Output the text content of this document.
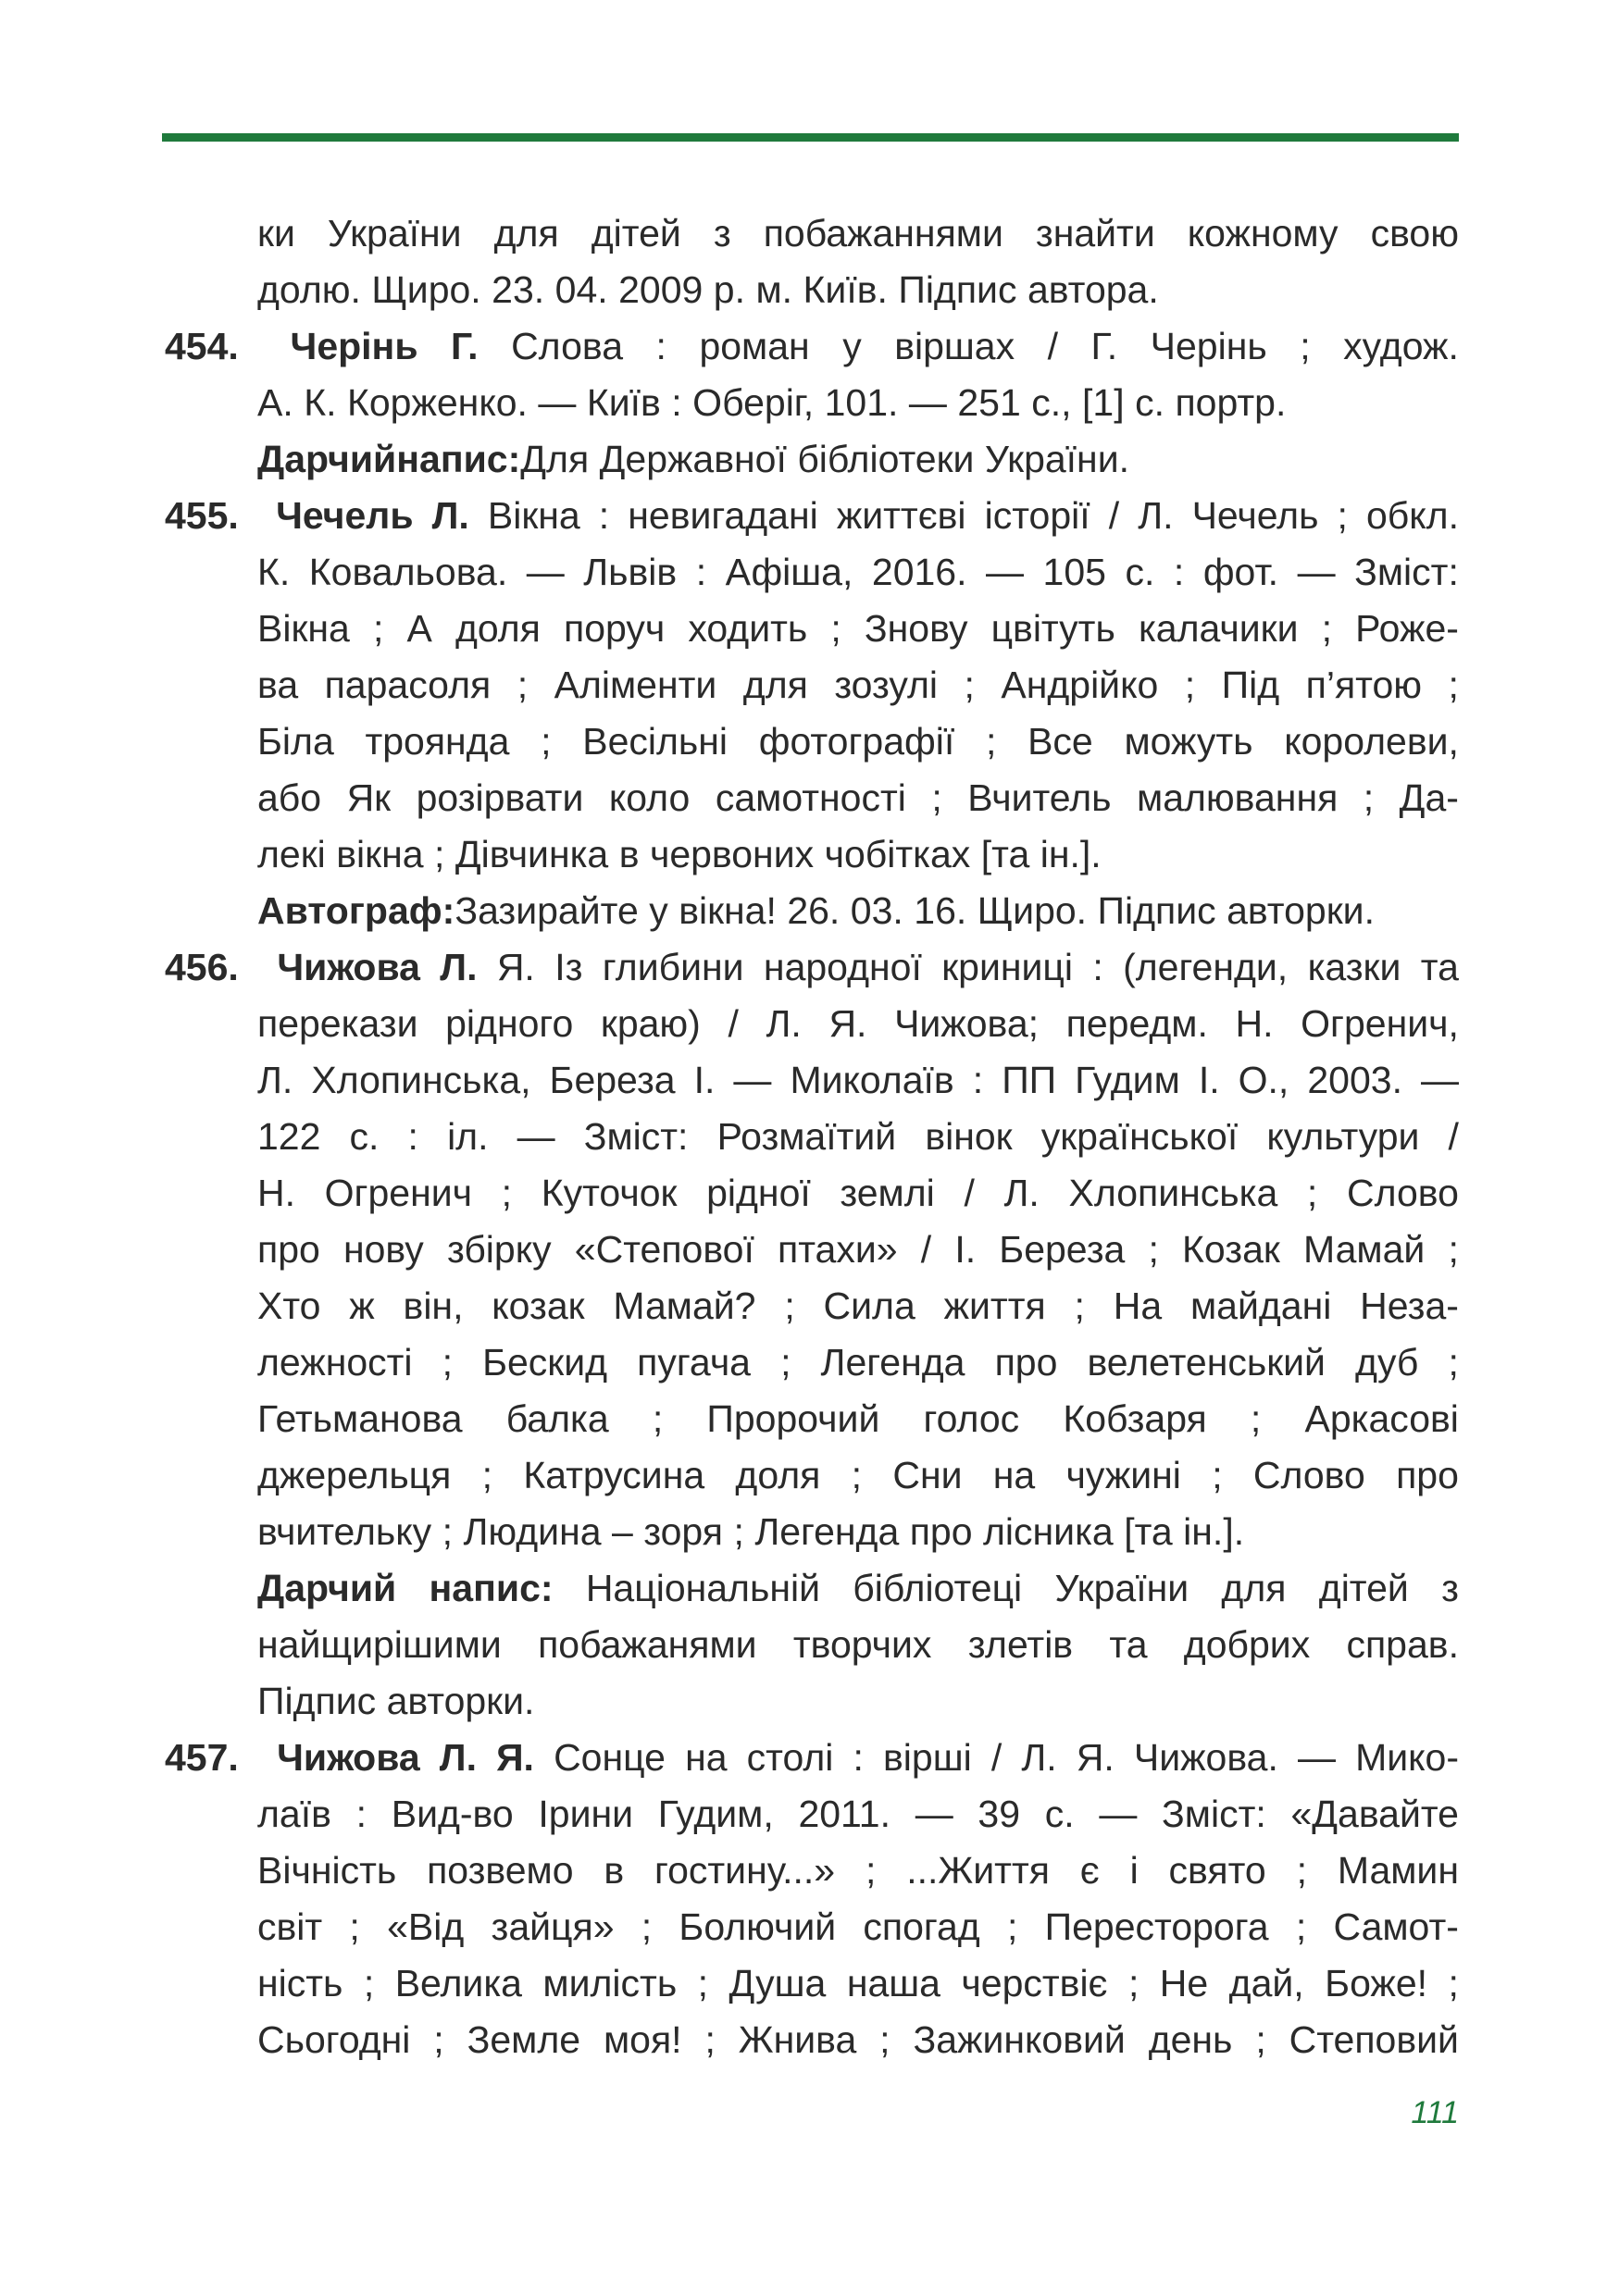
ки України для дітей з побажаннями знайти кожному свою
долю. Щиро. 23. 04. 2009 р. м. Київ. Підпис автора.
454.	Черінь Г. Слова : роман у віршах / Г. Черінь ; худож.
А. К. Корженко. — Київ : Оберіг, 101. — 251 с., [1] с. портр.
Дарчий напис: Для Державної бібліотеки України.
455. Чечель Л. Вікна : невигадані життєві історії / Л. Чечель ; обкл.
К. Ковальова. — Львів : Афіша, 2016. — 105 с. : фот. — Зміст:
Вікна ; А доля поруч ходить ; Знову цвітуть калачики ; Роже-
ва парасоля ; Аліменти для зозулі ; Андрійко ; Під п’ятою ;
Біла троянда ; Весільні фотографії ; Все можуть королеви,
або Як розірвати коло самотності ; Вчитель малювання ; Да-
лекі вікна ; Дівчинка в червоних чобітках [та ін.].
Автограф: Зазирайте у вікна! 26. 03. 16. Щиро. Підпис авторки.
456.	Чижова Л. Я. Із глибини народної криниці : (легенди, казки та
перекази рідного краю) / Л. Я. Чижова; передм. Н. Огренич,
Л. Хлопинська, Береза І. — Миколаїв : ПП Гудим І. О., 2003. —
122 с. : іл. — Зміст: Розмаїтий вінок української культури /
Н. Огренич ; Куточок рідної землі / Л. Хлопинська ; Слово
про нову збірку «Степової птахи» / І. Береза ; Козак Мамай ;
Хто ж він, козак Мамай? ; Сила життя ; На майдані Неза-
лежності ; Бескид пугача ; Легенда про велетенський дуб ;
Гетьманова балка ; Пророчий голос Кобзаря ; Аркасові
джерельця ; Катрусина доля ; Сни на чужині ; Слово про
вчительку ; Людина – зоря ; Легенда про лісника [та ін.].
Дарчий напис: Національній бібліотеці України для дітей з
найщирішими побажанями творчих злетів та добрих справ.
Підпис авторки.
457.	Чижова Л. Я. Сонце на столі : вірші / Л. Я. Чижова. — Мико-
лаїв : Вид-во Ірини Гудим, 2011. — 39 с. — Зміст: «Давайте
Вічність позвемо в гостину...» ; ...Життя є і свято ; Мамин
світ ; «Від зайця» ; Болючий спогад ; Пересторога ; Самот-
ність ; Велика милість ; Душа наша черствіє ; Не дай, Боже! ;
Сьогодні ; Земле моя! ; Жнива ; Зажинковий день ; Степовий
111
